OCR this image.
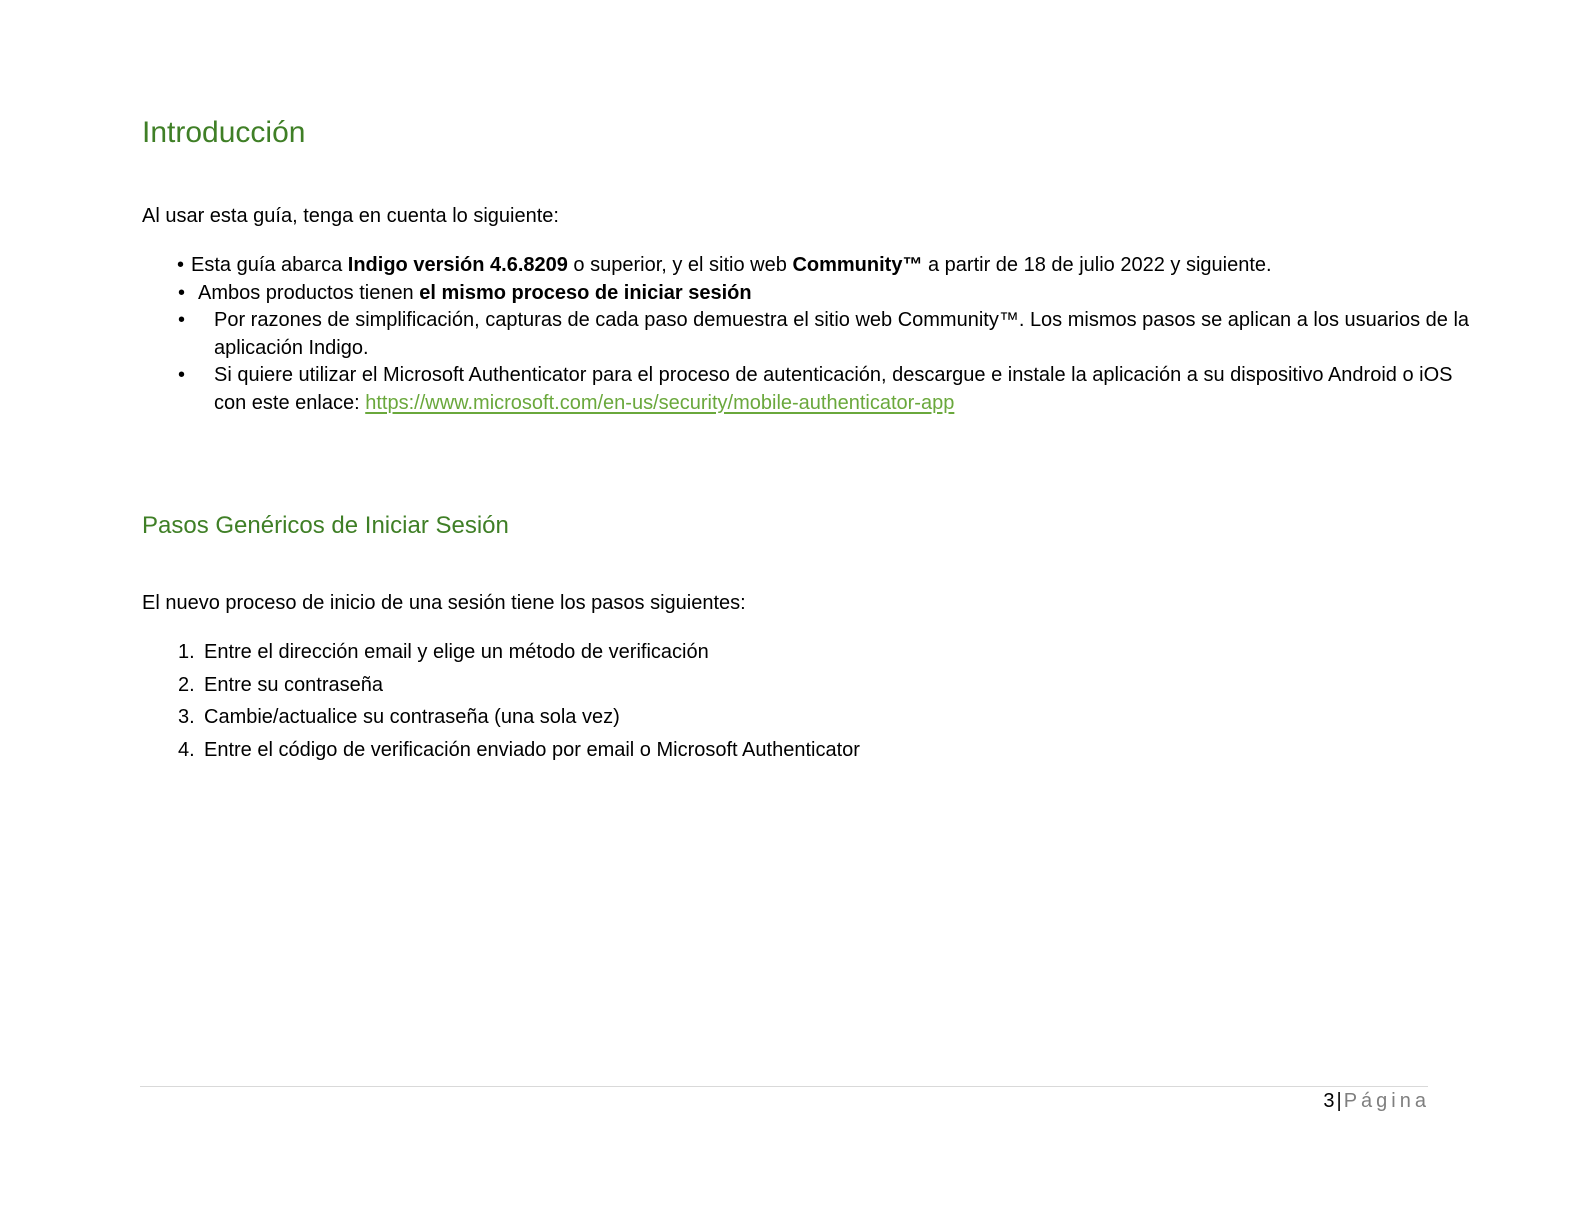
Introducción

Al usar esta guía, tenga en cuenta lo siguiente:

• Esta guía abarca Indigo versión 4.6.8209 o superior, y el sitio web Community™ a partir de 18 de julio 2022 y siguiente.
• Ambos productos tienen el mismo proceso de iniciar sesión
• Por razones de simplificación, capturas de cada paso demuestra el sitio web Community™. Los mismos pasos se aplican a los usuarios de la aplicación Indigo.
• Si quiere utilizar el Microsoft Authenticator para el proceso de autenticación, descargue e instale la aplicación a su dispositivo Android o iOS con este enlace: https://www.microsoft.com/en-us/security/mobile-authenticator-app
Pasos Genéricos de Iniciar Sesión

El nuevo proceso de inicio de una sesión tiene los pasos siguientes:

1. Entre el dirección email y elige un método de verificación
2. Entre su contraseña
3. Cambie/actualice su contraseña (una sola vez)
4. Entre el código de verificación enviado por email o Microsoft Authenticator
3 | Página
